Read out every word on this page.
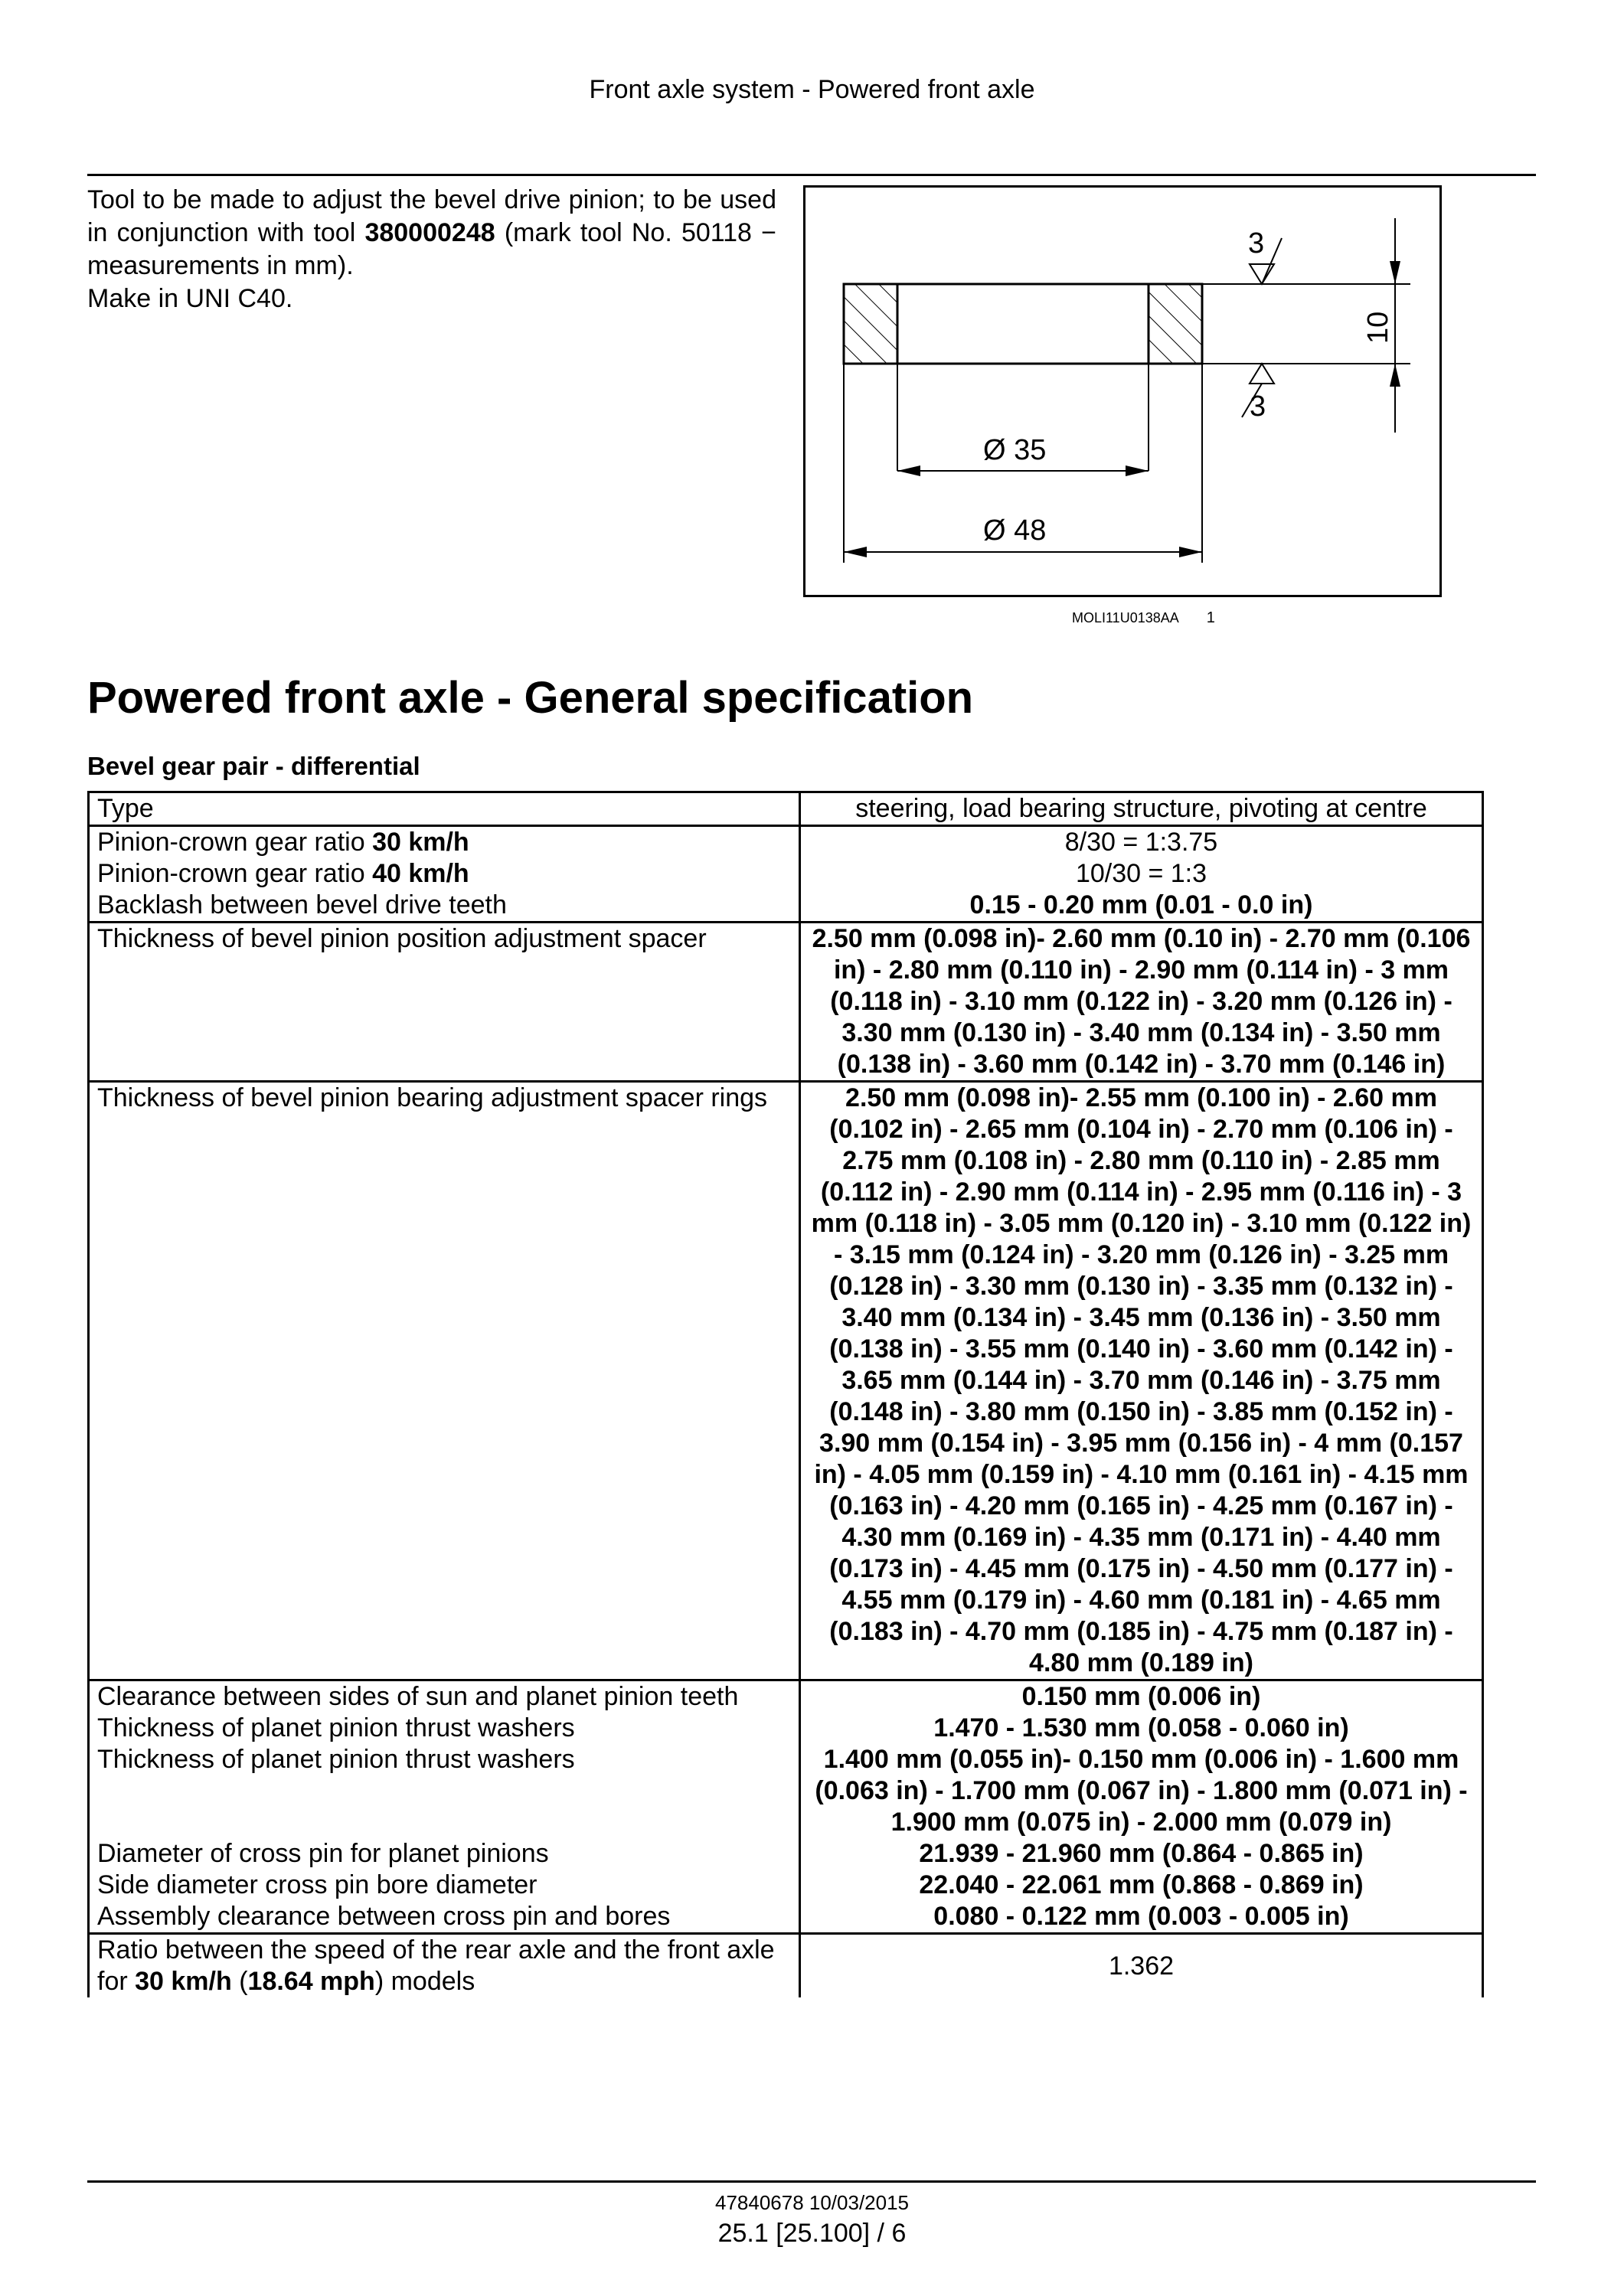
Front axle system - Powered front axle
Tool to be made to adjust the bevel drive pinion; to be used in conjunction with tool 380000248 (mark tool No. 50118 − measurements in mm).
Make in UNI C40.
Ø 35
Ø 48
10
3
3
MOLI11U0138AA 1
Powered front axle - General specification
Bevel gear pair - differential
Type	steering, load bearing structure, pivoting at centre
Pinion-crown gear ratio 30 km/h	8/30 = 1:3.75
Pinion-crown gear ratio 40 km/h	10/30 = 1:3
Backlash between bevel drive teeth	0.15 - 0.20 mm (0.01 - 0.0 in)
Thickness of bevel pinion position adjustment spacer	2.50 mm (0.098 in)- 2.60 mm (0.10 in) - 2.70 mm (0.106 in) - 2.80 mm (0.110 in) - 2.90 mm (0.114 in) - 3 mm (0.118 in) - 3.10 mm (0.122 in) - 3.20 mm (0.126 in) - 3.30 mm (0.130 in) - 3.40 mm (0.134 in) - 3.50 mm (0.138 in) - 3.60 mm (0.142 in) - 3.70 mm (0.146 in)
Thickness of bevel pinion bearing adjustment spacer rings	2.50 mm (0.098 in)- 2.55 mm (0.100 in) - 2.60 mm (0.102 in) - 2.65 mm (0.104 in) - 2.70 mm (0.106 in) - 2.75 mm (0.108 in) - 2.80 mm (0.110 in) - 2.85 mm (0.112 in) - 2.90 mm (0.114 in) - 2.95 mm (0.116 in) - 3 mm (0.118 in) - 3.05 mm (0.120 in) - 3.10 mm (0.122 in) - 3.15 mm (0.124 in) - 3.20 mm (0.126 in) - 3.25 mm (0.128 in) - 3.30 mm (0.130 in) - 3.35 mm (0.132 in) - 3.40 mm (0.134 in) - 3.45 mm (0.136 in) - 3.50 mm (0.138 in) - 3.55 mm (0.140 in) - 3.60 mm (0.142 in) - 3.65 mm (0.144 in) - 3.70 mm (0.146 in) - 3.75 mm (0.148 in) - 3.80 mm (0.150 in) - 3.85 mm (0.152 in) - 3.90 mm (0.154 in) - 3.95 mm (0.156 in) - 4 mm (0.157 in) - 4.05 mm (0.159 in) - 4.10 mm (0.161 in) - 4.15 mm (0.163 in) - 4.20 mm (0.165 in) - 4.25 mm (0.167 in) - 4.30 mm (0.169 in) - 4.35 mm (0.171 in) - 4.40 mm (0.173 in) - 4.45 mm (0.175 in) - 4.50 mm (0.177 in) - 4.55 mm (0.179 in) - 4.60 mm (0.181 in) - 4.65 mm (0.183 in) - 4.70 mm (0.185 in) - 4.75 mm (0.187 in) - 4.80 mm (0.189 in)
Clearance between sides of sun and planet pinion teeth	0.150 mm (0.006 in)
Thickness of planet pinion thrust washers	1.470 - 1.530 mm (0.058 - 0.060 in)
Thickness of planet pinion thrust washers	1.400 mm (0.055 in)- 0.150 mm (0.006 in) - 1.600 mm (0.063 in) - 1.700 mm (0.067 in) - 1.800 mm (0.071 in) - 1.900 mm (0.075 in) - 2.000 mm (0.079 in)
Diameter of cross pin for planet pinions	21.939 - 21.960 mm (0.864 - 0.865 in)
Side diameter cross pin bore diameter	22.040 - 22.061 mm (0.868 - 0.869 in)
Assembly clearance between cross pin and bores	0.080 - 0.122 mm (0.003 - 0.005 in)
Ratio between the speed of the rear axle and the front axle for 30 km/h (18.64 mph) models	1.362
47840678 10/03/2015
25.1 [25.100] / 6
